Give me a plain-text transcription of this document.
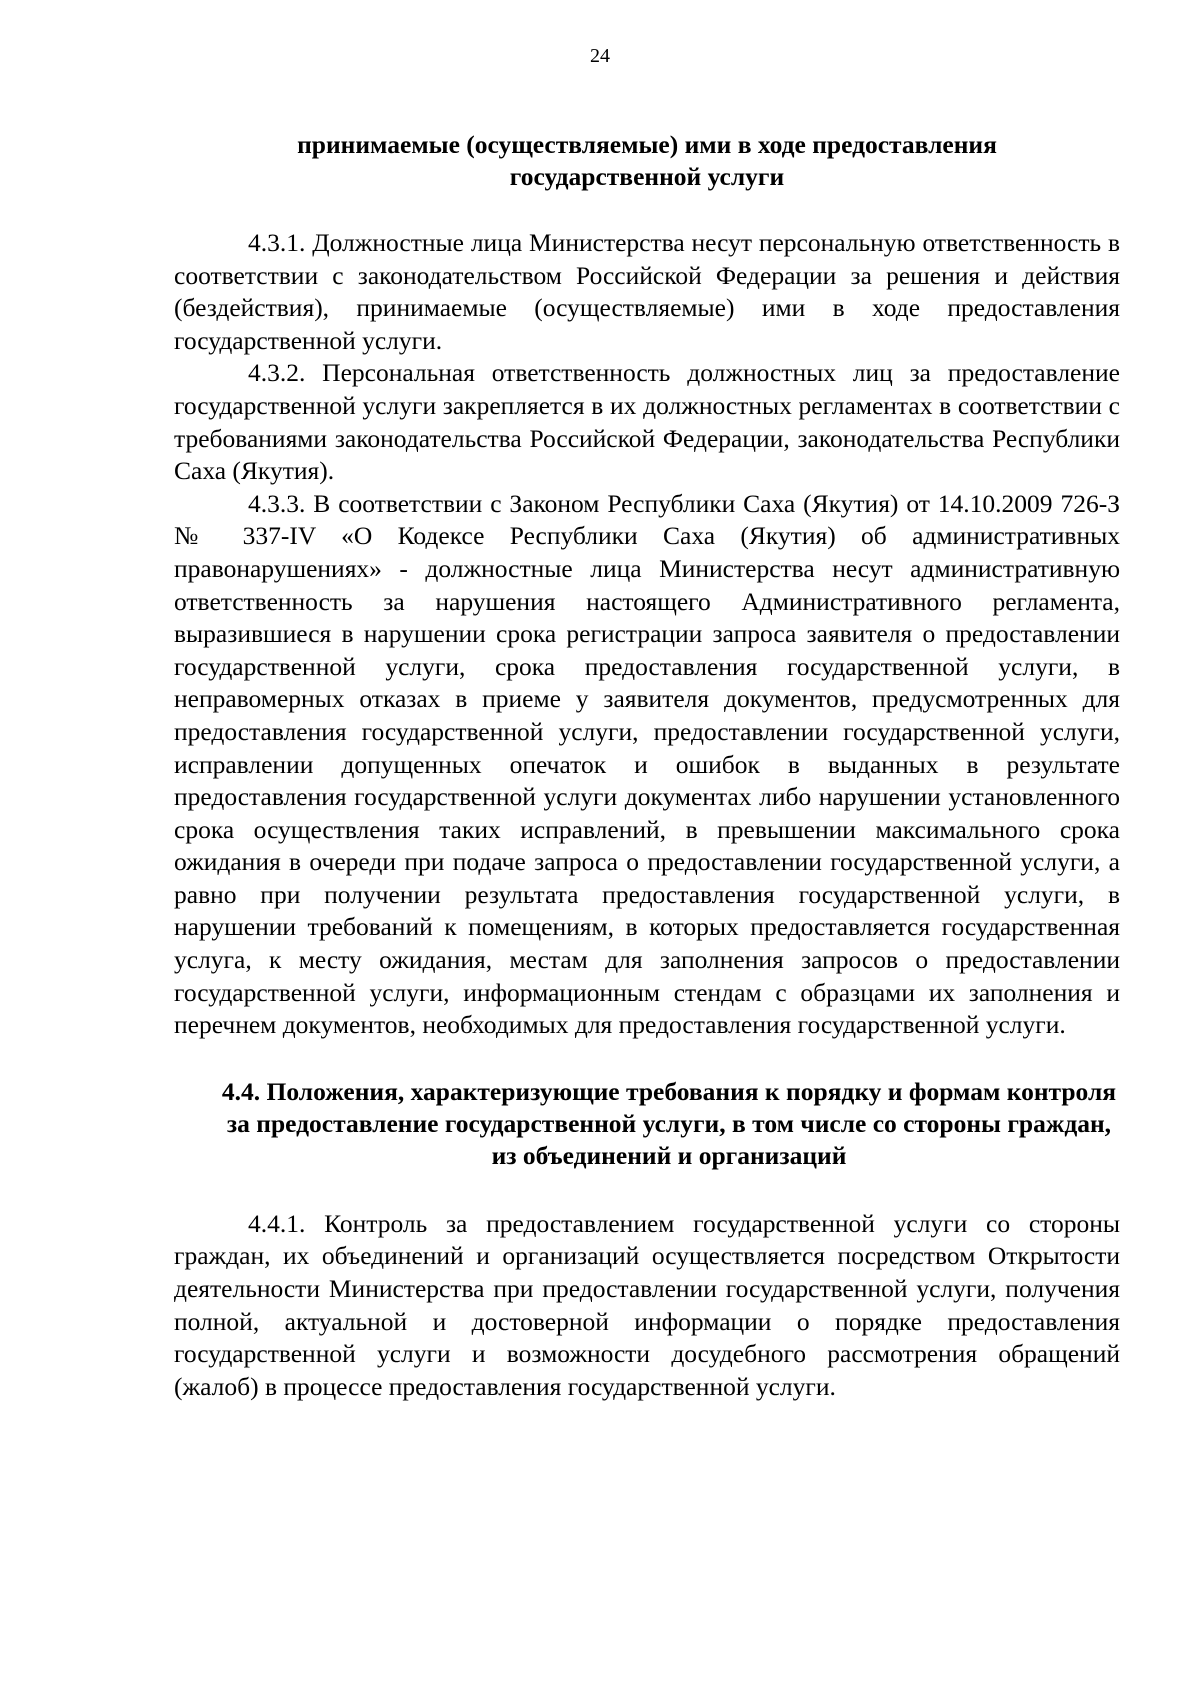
24

принимаемые (осуществляемые) ими в ходе предоставления государственной услуги

4.3.1. Должностные лица Министерства несут персональную ответственность в соответствии с законодательством Российской Федерации за решения и действия (бездействия), принимаемые (осуществляемые) ими в ходе предоставления государственной услуги.

4.3.2. Персональная ответственность должностных лиц за предоставление государственной услуги закрепляется в их должностных регламентах в соответствии с требованиями законодательства Российской Федерации, законодательства Республики Саха (Якутия).

4.3.3. В соответствии с Законом Республики Саха (Якутия) от 14.10.2009 726-З № 337-IV «О Кодексе Республики Саха (Якутия) об административных правонарушениях» - должностные лица Министерства несут административную ответственность за нарушения настоящего Административного регламента, выразившиеся в нарушении срока регистрации запроса заявителя о предоставлении государственной услуги, срока предоставления государственной услуги, в неправомерных отказах в приеме у заявителя документов, предусмотренных для предоставления государственной услуги, предоставлении государственной услуги, исправлении допущенных опечаток и ошибок в выданных в результате предоставления государственной услуги документах либо нарушении установленного срока осуществления таких исправлений, в превышении максимального срока ожидания в очереди при подаче запроса о предоставлении государственной услуги, а равно при получении результата предоставления государственной услуги, в нарушении требований к помещениям, в которых предоставляется государственная услуга, к месту ожидания, местам для заполнения запросов о предоставлении государственной услуги, информационным стендам с образцами их заполнения и перечнем документов, необходимых для предоставления государственной услуги.

4.4. Положения, характеризующие требования к порядку и формам контроля за предоставление государственной услуги, в том числе со стороны граждан, из объединений и организаций

4.4.1. Контроль за предоставлением государственной услуги со стороны граждан, их объединений и организаций осуществляется посредством Открытости деятельности Министерства при предоставлении государственной услуги, получения полной, актуальной и достоверной информации о порядке предоставления государственной услуги и возможности досудебного рассмотрения обращений (жалоб) в процессе предоставления государственной услуги.
